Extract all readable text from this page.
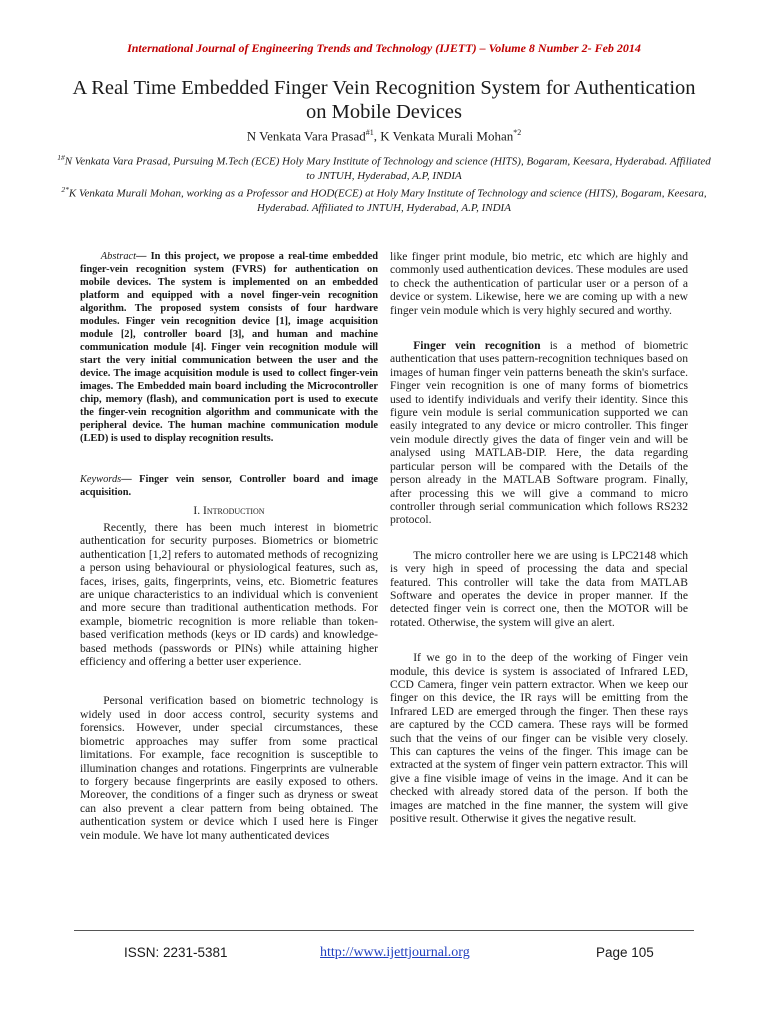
International Journal of Engineering Trends and Technology (IJETT) – Volume 8 Number 2- Feb 2014
A Real Time Embedded Finger Vein Recognition System for Authentication on Mobile Devices
N Venkata Vara Prasad$^{\#1}$, K Venkata Murali Mohan$^{*2}$
$^{1\#}$N Venkata Vara Prasad, Pursuing M.Tech (ECE) Holy Mary Institute of Technology and science (HITS), Bogaram, Keesara, Hyderabad. Affiliated to JNTUH, Hyderabad, A.P, INDIA
$^{2*}$K Venkata Murali Mohan, working as a Professor and HOD(ECE) at Holy Mary Institute of Technology and science (HITS), Bogaram, Keesara, Hyderabad. Affiliated to JNTUH, Hyderabad, A.P, INDIA
Abstract— In this project, we propose a real-time embedded finger-vein recognition system (FVRS) for authentication on mobile devices. The system is implemented on an embedded platform and equipped with a novel finger-vein recognition algorithm. The proposed system consists of four hardware modules. Finger vein recognition device [1], image acquisition module [2], controller board [3], and human and machine communication module [4]. Finger vein recognition module will start the very initial communication between the user and the device. The image acquisition module is used to collect finger-vein images. The Embedded main board including the Microcontroller chip, memory (flash), and communication port is used to execute the finger-vein recognition algorithm and communicate with the peripheral device. The human machine communication module (LED) is used to display recognition results.
Keywords— Finger vein sensor, Controller board and image acquisition.
I. Introduction

Recently, there has been much interest in biometric authentication for security purposes. Biometrics or biometric authentication [1,2] refers to automated methods of recognizing a person using behavioural or physiological features, such as, faces, irises, gaits, fingerprints, veins, etc. Biometric features are unique characteristics to an individual which is convenient and more secure than traditional authentication methods. For example, biometric recognition is more reliable than token-based verification methods (keys or ID cards) and knowledge-based methods (passwords or PINs) while attaining higher efficiency and offering a better user experience.

Personal verification based on biometric technology is widely used in door access control, security systems and forensics. However, under special circumstances, these biometric approaches may suffer from some practical limitations. For example, face recognition is susceptible to illumination changes and rotations. Fingerprints are vulnerable to forgery because fingerprints are easily exposed to others. Moreover, the conditions of a finger such as dryness or sweat can also prevent a clear pattern from being obtained. The authentication system or device which I used here is Finger vein module. We have lot many authenticated devices

like finger print module, bio metric, etc which are highly and commonly used authentication devices. These modules are used to check the authentication of particular user or a person of a device or system. Likewise, here we are coming up with a new finger vein module which is very highly secured and worthy.

Finger vein recognition is a method of biometric authentication that uses pattern-recognition techniques based on images of human finger vein patterns beneath the skin's surface. Finger vein recognition is one of many forms of biometrics used to identify individuals and verify their identity. Since this figure vein module is serial communication supported we can easily integrated to any device or micro controller. This finger vein module directly gives the data of finger vein and will be analysed using MATLAB-DIP. Here, the data regarding particular person will be compared with the Details of the person already in the MATLAB Software program. Finally, after processing this we will give a command to micro controller through serial communication which follows RS232 protocol.

The micro controller here we are using is LPC2148 which is very high in speed of processing the data and special featured. This controller will take the data from MATLAB Software and operates the device in proper manner. If the detected finger vein is correct one, then the MOTOR will be rotated. Otherwise, the system will give an alert.

If we go in to the deep of the working of Finger vein module, this device is system is associated of Infrared LED, CCD Camera, finger vein pattern extractor. When we keep our finger on this device, the IR rays will be emitting from the Infrared LED are emerged through the finger. Then these rays are captured by the CCD camera. These rays will be formed such that the veins of our finger can be visible very closely. This can captures the veins of the finger. This image can be extracted at the system of finger vein pattern extractor. This will give a fine visible image of veins in the image. And it can be checked with already stored data of the person. If both the images are matched in the fine manner, the system will give positive result. Otherwise it gives the negative result.

ISSN: 2231-5381	http://www.ijettjournal.org	Page 105
